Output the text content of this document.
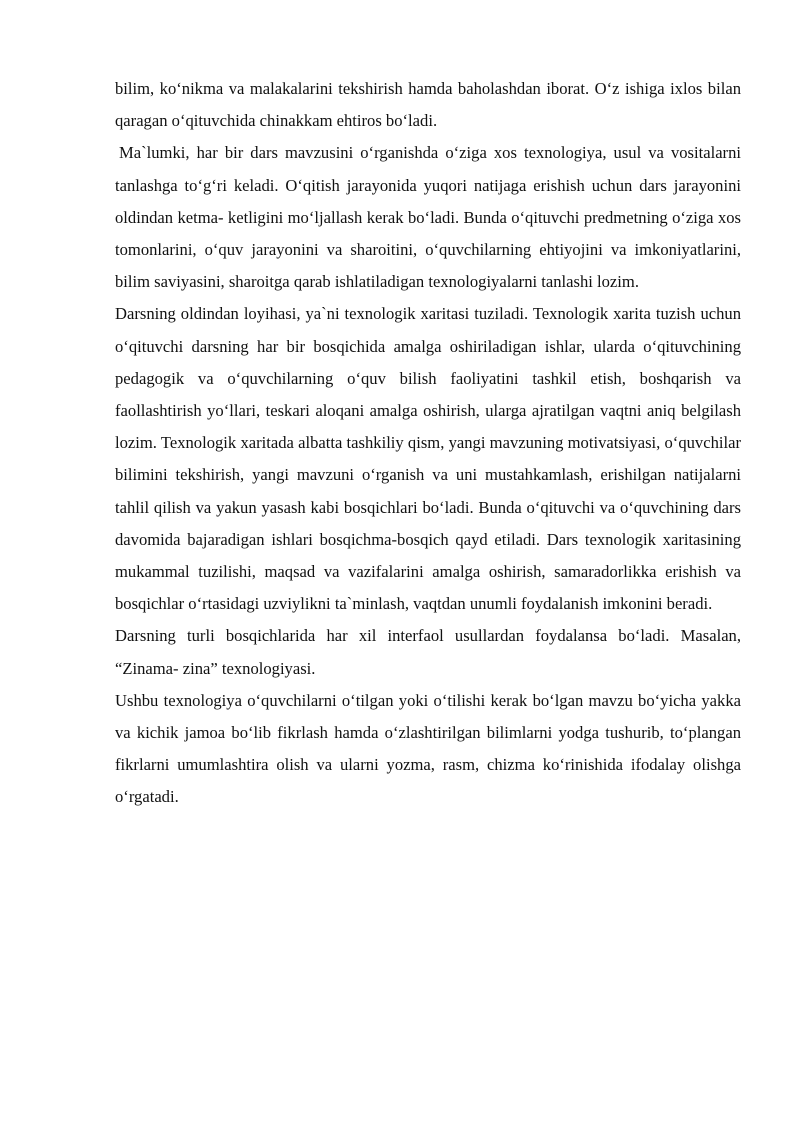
bilim, ko‘nikma va malakalarini tekshirish hamda baholashdan iborat. O‘z ishiga ixlos bilan qaragan o‘qituvchida chinakkam ehtiros bo‘ladi.

Ma`lumki, har bir dars mavzusini o‘rganishda o‘ziga xos texnologiya, usul va vositalarni tanlashga to‘g‘ri keladi. O‘qitish jarayonida yuqori natijaga erishish uchun dars jarayonini oldindan ketma- ketligini mo‘ljallash kerak bo‘ladi. Bunda o‘qituvchi predmetning o‘ziga xos tomonlarini, o‘quv jarayonini va sharoitini, o‘quvchilarning ehtiyojini va imkoniyatlarini, bilim saviyasini, sharoitga qarab ishlatiladigan texnologiyalarni tanlashi lozim.

Darsning oldindan loyihasi, ya`ni texnologik xaritasi tuziladi. Texnologik xarita tuzish uchun o‘qituvchi darsning har bir bosqichida amalga oshiriladigan ishlar, ularda o‘qituvchining pedagogik va o‘quvchilarning o‘quv bilish faoliyatini tashkil etish, boshqarish va faollashtirish yo‘llari, teskari aloqani amalga oshirish, ularga ajratilgan vaqtni aniq belgilash lozim. Texnologik xaritada albatta tashkiliy qism, yangi mavzuning motivatsiyasi, o‘quvchilar bilimini tekshirish, yangi mavzuni o‘rganish va uni mustahkamlash, erishilgan natijalarni tahlil qilish va yakun yasash kabi bosqichlari bo‘ladi. Bunda o‘qituvchi va o‘quvchining dars davomida bajaradigan ishlari bosqichma-bosqich qayd etiladi. Dars texnologik xaritasining mukammal tuzilishi, maqsad va vazifalarini amalga oshirish, samaradorlikka erishish va bosqichlar o‘rtasidagi uzviylikni ta`minlash, vaqtdan unumli foydalanish imkonini beradi.

Darsning turli bosqichlarida har xil interfaol usullardan foydalansa bo‘ladi. Masalan, “Zinama- zina” texnologiyasi.

Ushbu texnologiya o‘quvchilarni o‘tilgan yoki o‘tilishi kerak bo‘lgan mavzu bo‘yicha yakka va kichik jamoa bo‘lib fikrlash hamda o‘zlashtirilgan bilimlarni yodga tushurib, to‘plangan fikrlarni umumlashtira olish va ularni yozma, rasm, chizma ko‘rinishida ifodalay olishga o‘rgatadi.
